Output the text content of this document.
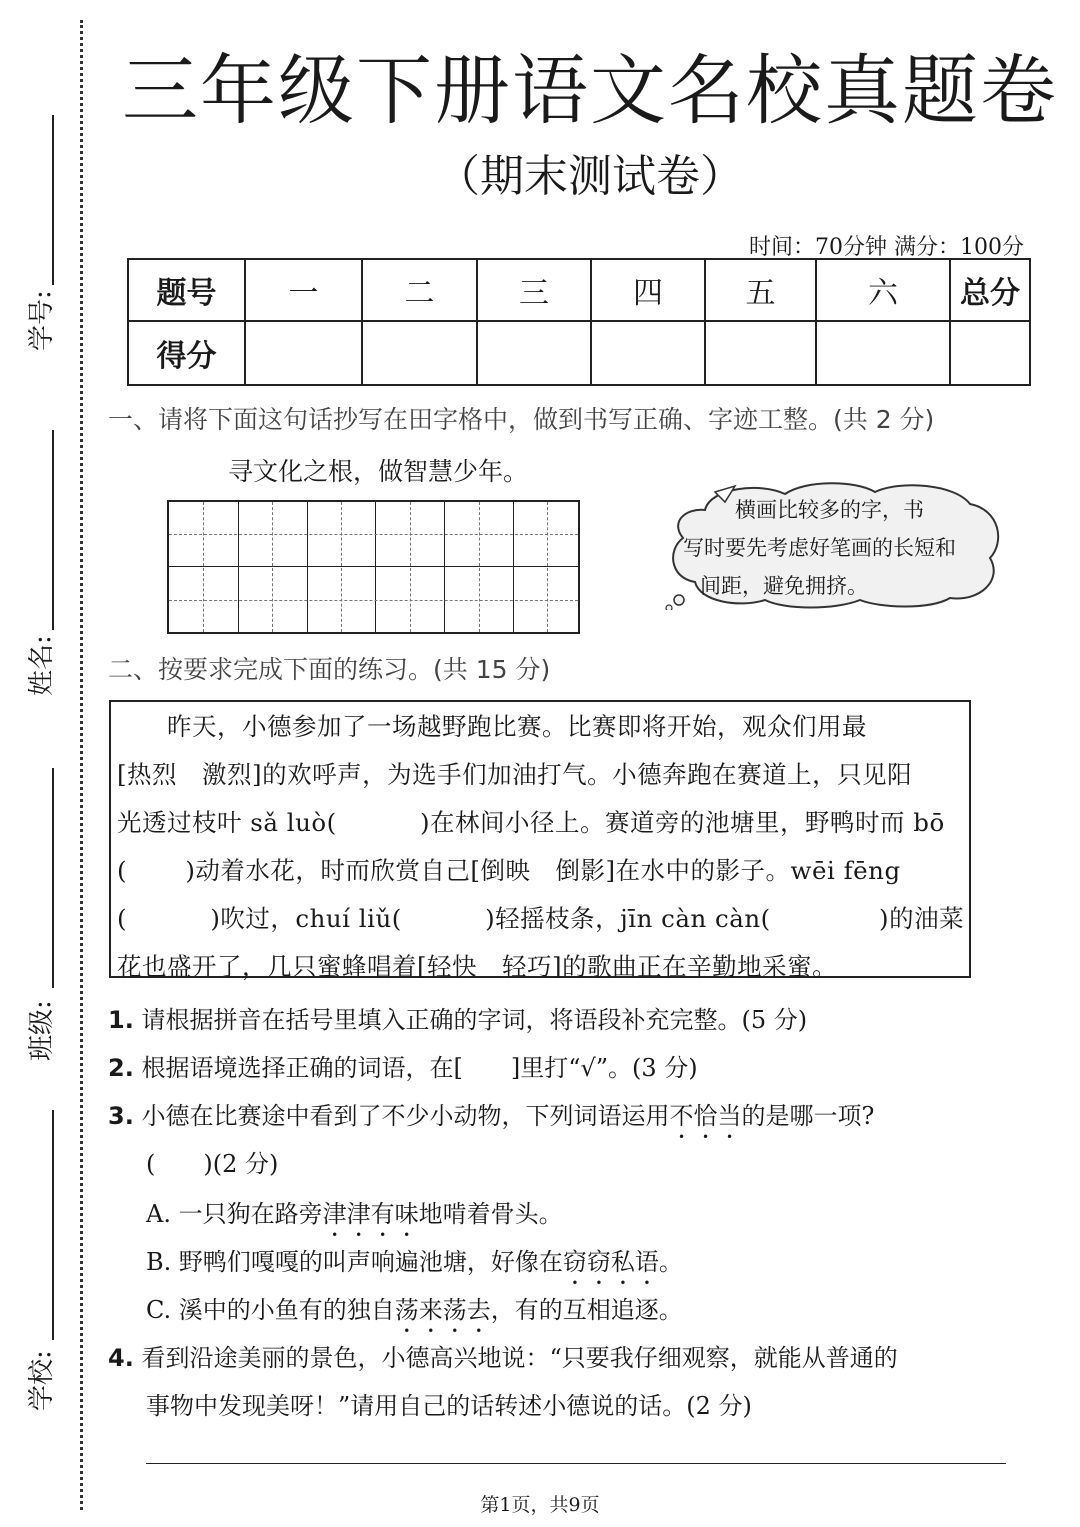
学号:
姓名:
班级:
学校:
三年级下册语文名校真题卷
（期末测试卷）
时间：70分钟 满分：100分
题号	一	二	三	四	五	六	总分
得分							
一、请将下面这句话抄写在田字格中，做到书写正确、字迹工整。(共 2 分)
寻文化之根，做智慧少年。
横画比较多的字，书
写时要先考虑好笔画的长短和
间距，避免拥挤。
二、按要求完成下面的练习。(共 15 分)
　　昨天，小德参加了一场越野跑比赛。比赛即将开始，观众们用最
[热烈　激烈]的欢呼声，为选手们加油打气。小德奔跑在赛道上，只见阳
光透过枝叶 sǎ luò(　　　 )在林间小径上。赛道旁的池塘里，野鸭时而 bō
(　　 )动着水花，时而欣赏自己[倒映　倒影]在水中的影子。wēi fēng
(　　　 )吹过，chuí liǔ(　　　 )轻摇枝条，jīn càn càn(　　　　 )的油菜
花也盛开了，几只蜜蜂唱着[轻快　轻巧]的歌曲正在辛勤地采蜜。
1. 请根据拼音在括号里填入正确的字词，将语段补充完整。(5 分)
2. 根据语境选择正确的词语，在[　　]里打“√”。(3 分)
3. 小德在比赛途中看到了不少小动物，下列词语运用不恰当的是哪一项?
(　　)(2 分)
A. 一只狗在路旁津津有味地啃着骨头。
B. 野鸭们嘎嘎的叫声响遍池塘，好像在窃窃私语。
C. 溪中的小鱼有的独自荡来荡去，有的互相追逐。
4. 看到沿途美丽的景色，小德高兴地说：“只要我仔细观察，就能从普通的
事物中发现美呀！”请用自己的话转述小德说的话。(2 分)
第1页，共9页
